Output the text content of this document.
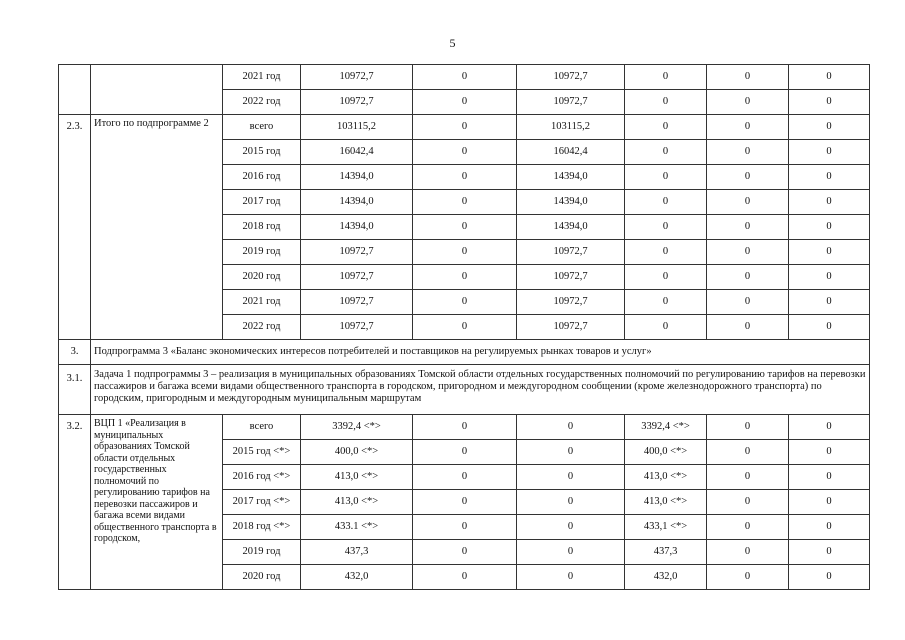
5
		2021 год	10972,7	0	10972,7	0	0	0
		2022 год	10972,7	0	10972,7	0	0	0
2.3.	Итого по подпрограмме 2	всего	103115,2	0	103115,2	0	0	0
		2015 год	16042,4	0	16042,4	0	0	0
		2016 год	14394,0	0	14394,0	0	0	0
		2017 год	14394,0	0	14394,0	0	0	0
		2018 год	14394,0	0	14394,0	0	0	0
		2019 год	10972,7	0	10972,7	0	0	0
		2020 год	10972,7	0	10972,7	0	0	0
		2021 год	10972,7	0	10972,7	0	0	0
		2022 год	10972,7	0	10972,7	0	0	0
3.	Подпрограмма 3 «Баланс экономических интересов потребителей и поставщиков на регулируемых рынках товаров и услуг»							
3.1.	Задача 1 подпрограммы 3 – реализация в муниципальных образованиях Томской области отдельных государственных полномочий по регулированию тарифов на перевозки пассажиров и багажа всеми видами общественного транспорта в городском, пригородном и междугородном сообщении (кроме железнодорожного транспорта) по городским, пригородным и междугородным муниципальным маршрутам							
3.2.	ВЦП 1 «Реализация в муниципальных образованиях Томской области отдельных государственных полномочий по регулированию тарифов на перевозки пассажиров и багажа всеми видами общественного транспорта в городском,	всего	3392,4 <*>	0	0	3392,4 <*>	0	0
		2015 год <*>	400,0 <*>	0	0	400,0 <*>	0	0
		2016 год <*>	413,0 <*>	0	0	413,0 <*>	0	0
		2017 год <*>	413,0 <*>	0	0	413,0 <*>	0	0
		2018 год <*>	433.1 <*>	0	0	433,1 <*>	0	0
		2019 год	437,3	0	0	437,3	0	0
		2020 год	432,0	0	0	432,0	0	0
